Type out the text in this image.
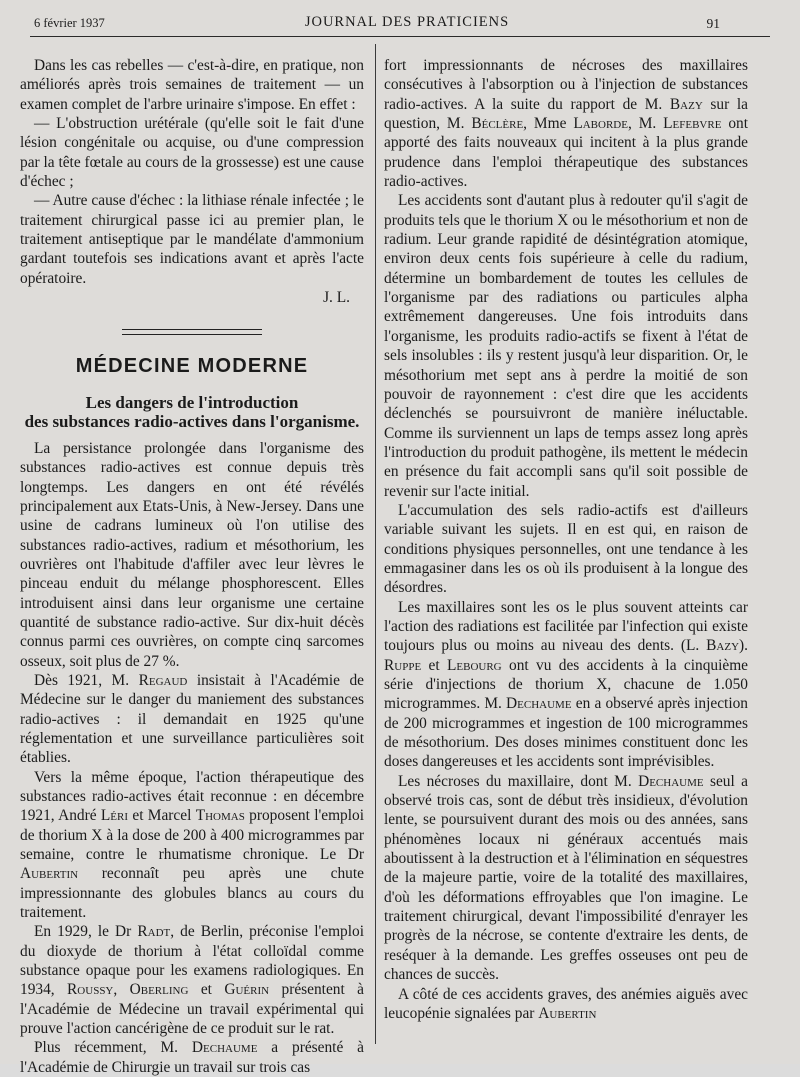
6 février 1937	JOURNAL DES PRATICIENS	91

Dans les cas rebelles — c'est-à-dire, en pratique, non améliorés après trois semaines de traitement — un examen complet de l'arbre urinaire s'impose. En effet :

— L'obstruction urétérale (qu'elle soit le fait d'une lésion congénitale ou acquise, ou d'une compression par la tête fœtale au cours de la grossesse) est une cause d'échec ;

— Autre cause d'échec : la lithiase rénale infectée ; le traitement chirurgical passe ici au premier plan, le traitement antiseptique par le mandélate d'ammonium gardant toutefois ses indications avant et après l'acte opératoire.

J. L.

MÉDECINE MODERNE
Les dangers de l'introduction
des substances radio-actives dans l'organisme.

La persistance prolongée dans l'organisme des substances radio-actives est connue depuis très longtemps. Les dangers en ont été révélés principalement aux Etats-Unis, à New-Jersey. Dans une usine de cadrans lumineux où l'on utilise des substances radio-actives, radium et mésothorium, les ouvrières ont l'habitude d'affiler avec leur lèvres le pinceau enduit du mélange phosphorescent. Elles introduisent ainsi dans leur organisme une certaine quantité de substance radio-active. Sur dix-huit décès connus parmi ces ouvrières, on compte cinq sarcomes osseux, soit plus de 27 %.

Dès 1921, M. Regaud insistait à l'Académie de Médecine sur le danger du maniement des substances radio-actives : il demandait en 1925 qu'une réglementation et une surveillance particulières soit établies.

Vers la même époque, l'action thérapeutique des substances radio-actives était reconnue : en décembre 1921, André Léri et Marcel Thomas proposent l'emploi de thorium X à la dose de 200 à 400 microgrammes par semaine, contre le rhumatisme chronique. Le Dr Aubertin reconnaît peu après une chute impressionnante des globules blancs au cours du traitement.

En 1929, le Dr Radt, de Berlin, préconise l'emploi du dioxyde de thorium à l'état colloïdal comme substance opaque pour les examens radiologiques. En 1934, Roussy, Oberling et Guérin présentent à l'Académie de Médecine un travail expérimental qui prouve l'action cancérigène de ce produit sur le rat.

Plus récemment, M. Dechaume a présenté à l'Académie de Chirurgie un travail sur trois cas

fort impressionnants de nécroses des maxillaires consécutives à l'absorption ou à l'injection de substances radio-actives. A la suite du rapport de M. Bazy sur la question, M. Béclère, Mme Laborde, M. Lefebvre ont apporté des faits nouveaux qui incitent à la plus grande prudence dans l'emploi thérapeutique des substances radio-actives.

Les accidents sont d'autant plus à redouter qu'il s'agit de produits tels que le thorium X ou le mésothorium et non de radium. Leur grande rapidité de désintégration atomique, environ deux cents fois supérieure à celle du radium, détermine un bombardement de toutes les cellules de l'organisme par des radiations ou particules alpha extrêmement dangereuses. Une fois introduits dans l'organisme, les produits radio-actifs se fixent à l'état de sels insolubles : ils y restent jusqu'à leur disparition. Or, le mésothorium met sept ans à perdre la moitié de son pouvoir de rayonnement : c'est dire que les accidents déclenchés se poursuivront de manière inéluctable. Comme ils surviennent un laps de temps assez long après l'introduction du produit pathogène, ils mettent le médecin en présence du fait accompli sans qu'il soit possible de revenir sur l'acte initial.

L'accumulation des sels radio-actifs est d'ailleurs variable suivant les sujets. Il en est qui, en raison de conditions physiques personnelles, ont une tendance à les emmagasiner dans les os où ils produisent à la longue des désordres.

Les maxillaires sont les os le plus souvent atteints car l'action des radiations est facilitée par l'infection qui existe toujours plus ou moins au niveau des dents. (L. Bazy). Ruppe et Lebourg ont vu des accidents à la cinquième série d'injections de thorium X, chacune de 1.050 microgrammes. M. Dechaume en a observé après injection de 200 microgrammes et ingestion de 100 microgrammes de mésothorium. Des doses minimes constituent donc les doses dangereuses et les accidents sont imprévisibles.

Les nécroses du maxillaire, dont M. Dechaume seul a observé trois cas, sont de début très insidieux, d'évolution lente, se poursuivent durant des mois ou des années, sans phénomènes locaux ni généraux accentués mais aboutissent à la destruction et à l'élimination en séquestres de la majeure partie, voire de la totalité des maxillaires, d'où les déformations effroyables que l'on imagine. Le traitement chirurgical, devant l'impossibilité d'enrayer les progrès de la nécrose, se contente d'extraire les dents, de reséquer à la demande. Les greffes osseuses ont peu de chances de succès.

A côté de ces accidents graves, des anémies aiguës avec leucopénie signalées par Aubertin
